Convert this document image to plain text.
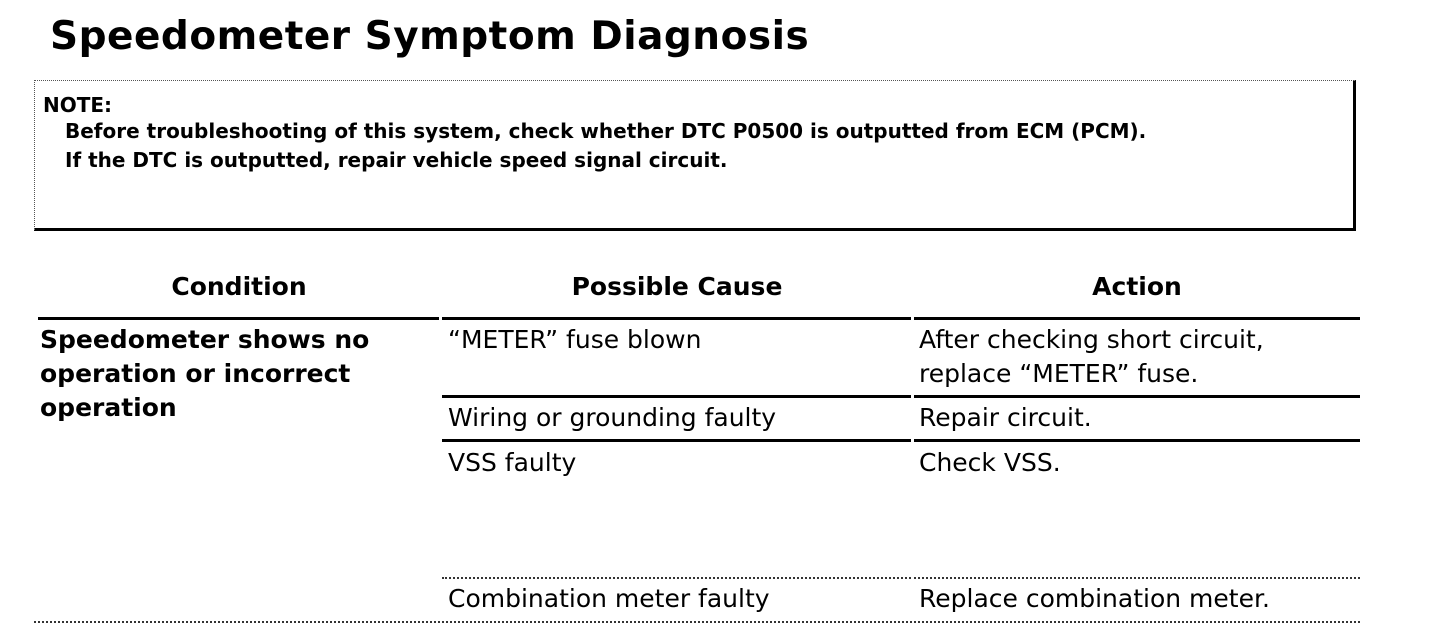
Speedometer Symptom Diagnosis
NOTE:
Before troubleshooting of this system, check whether DTC P0500 is outputted from ECM (PCM).
If the DTC is outputted, repair vehicle speed signal circuit.
Condition	Possible Cause	Action
Speedometer shows no operation or incorrect operation
“METER” fuse blown	After checking short circuit, replace “METER” fuse.
Wiring or grounding faulty	Repair circuit.
VSS faulty	Check VSS.
Combination meter faulty	Replace combination meter.
